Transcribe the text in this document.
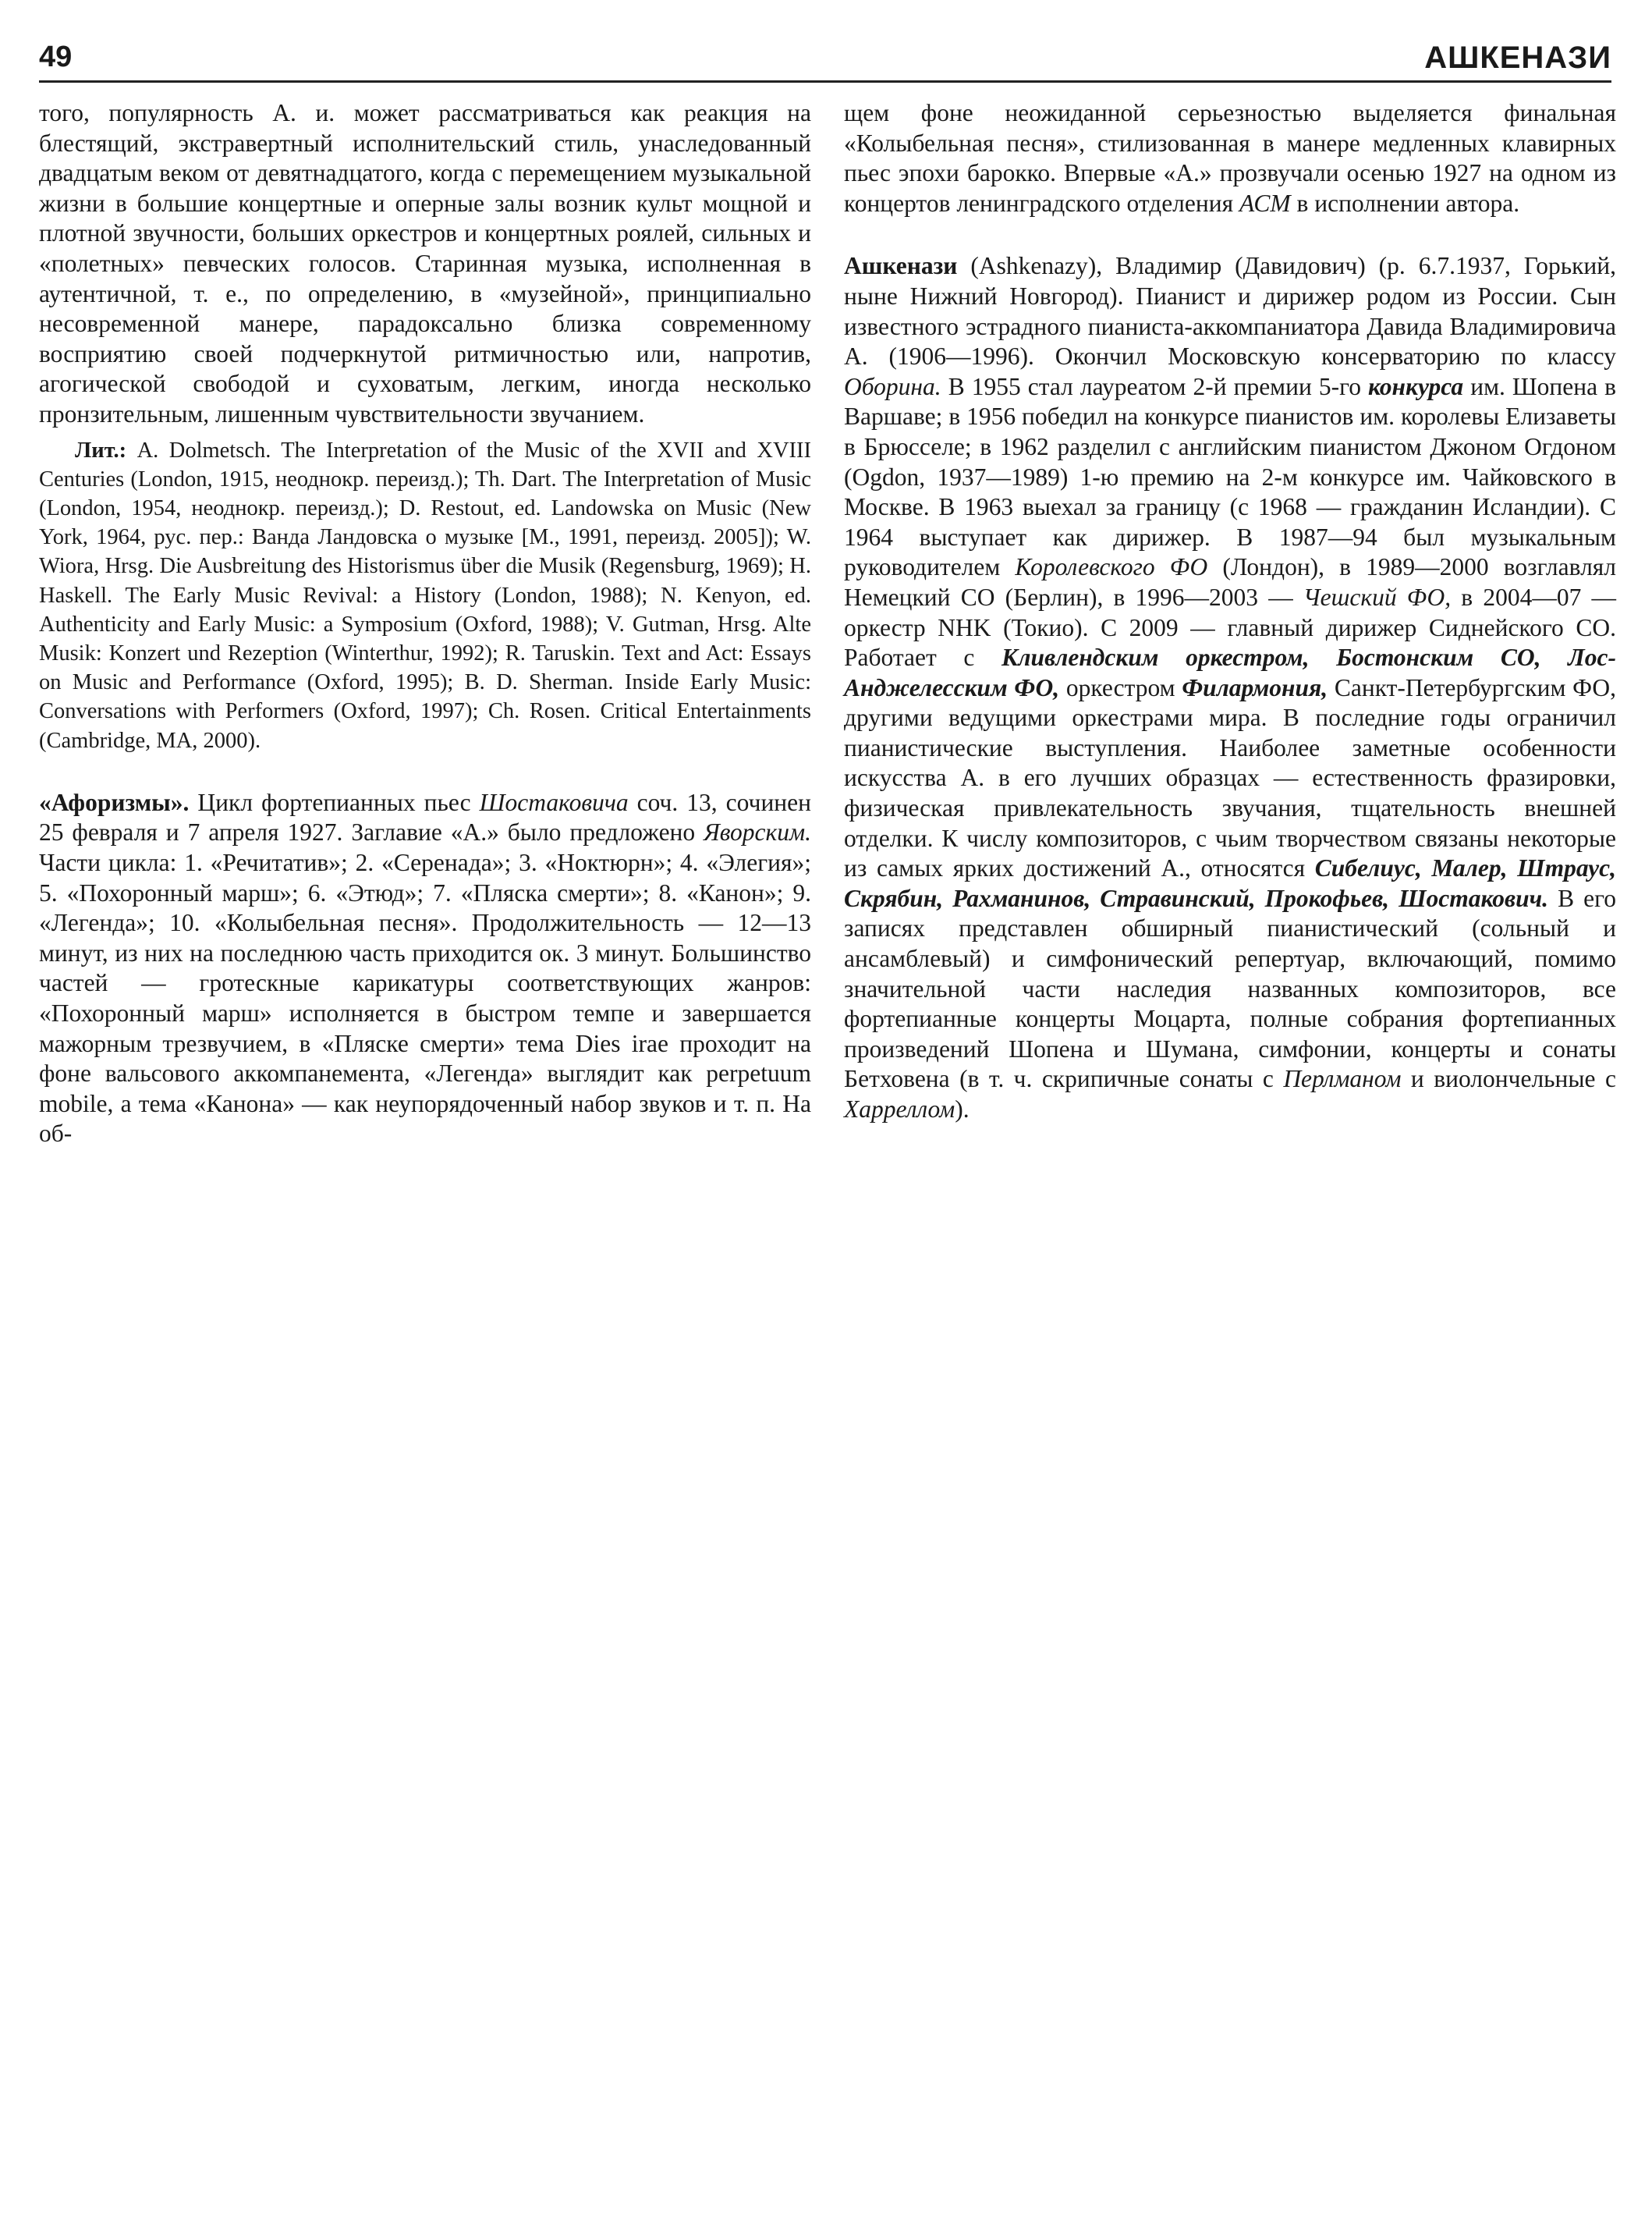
49	АШКЕНАЗИ

того, популярность А. и. может рассматриваться как реакция на блестящий, экстравертный исполнительский стиль, унаследованный двадцатым веком от девятнадцатого, когда с перемещением музыкальной жизни в большие концертные и оперные залы возник культ мощной и плотной звучности, больших оркестров и концертных роялей, сильных и «полетных» певческих голосов. Старинная музыка, исполненная в аутентичной, т. е., по определению, в «музейной», принципиально несовременной манере, парадоксально близка современному восприятию своей подчеркнутой ритмичностью или, напротив, агогической свободой и суховатым, легким, иногда несколько пронзительным, лишенным чувствительности звучанием.

Лит.: A. Dolmetsch. The Interpretation of the Music of the XVII and XVIII Centuries (London, 1915, неоднокр. переизд.); Th. Dart. The Interpretation of Music (London, 1954, неоднокр. переизд.); D. Restout, ed. Landowska on Music (New York, 1964, рус. пер.: Ванда Ландовска о музыке [М., 1991, переизд. 2005]); W. Wiora, Hrsg. Die Ausbreitung des Historismus über die Musik (Regensburg, 1969); H. Haskell. The Early Music Revival: a History (London, 1988); N. Kenyon, ed. Authenticity and Early Music: a Symposium (Oxford, 1988); V. Gutman, Hrsg. Alte Musik: Konzert und Rezeption (Winterthur, 1992); R. Taruskin. Text and Act: Essays on Music and Performance (Oxford, 1995); B. D. Sherman. Inside Early Music: Conversations with Performers (Oxford, 1997); Ch. Rosen. Critical Entertainments (Cambridge, MA, 2000).

«Афоризмы». Цикл фортепианных пьес Шостаковича соч. 13, сочинен 25 февраля и 7 апреля 1927. Заглавие «А.» было предложено Яворским. Части цикла: 1. «Речитатив»; 2. «Серенада»; 3. «Ноктюрн»; 4. «Элегия»; 5. «Похоронный марш»; 6. «Этюд»; 7. «Пляска смерти»; 8. «Канон»; 9. «Легенда»; 10. «Колыбельная песня». Продолжительность — 12—13 минут, из них на последнюю часть приходится ок. 3 минут. Большинство частей — гротескные карикатуры соответствующих жанров: «Похоронный марш» исполняется в быстром темпе и завершается мажорным трезвучием, в «Пляске смерти» тема Dies irae проходит на фоне вальсового аккомпанемента, «Легенда» выглядит как perpetuum mobile, а тема «Канона» — как неупорядоченный набор звуков и т. п. На об-

щем фоне неожиданной серьезностью выделяется финальная «Колыбельная песня», стилизованная в манере медленных клавирных пьес эпохи барокко. Впервые «А.» прозвучали осенью 1927 на одном из концертов ленинградского отделения АСМ в исполнении автора.

Ашкенази (Ashkenazy), Владимир (Давидович) (р. 6.7.1937, Горький, ныне Нижний Новгород). Пианист и дирижер родом из России. Сын известного эстрадного пианиста-аккомпаниатора Давида Владимировича А. (1906—1996). Окончил Московскую консерваторию по классу Оборина. В 1955 стал лауреатом 2-й премии 5-го конкурса им. Шопена в Варшаве; в 1956 победил на конкурсе пианистов им. королевы Елизаветы в Брюсселе; в 1962 разделил с английским пианистом Джоном Огдоном (Ogdon, 1937—1989) 1-ю премию на 2-м конкурсе им. Чайковского в Москве. В 1963 выехал за границу (с 1968 — гражданин Исландии). С 1964 выступает как дирижер. В 1987—94 был музыкальным руководителем Королевского ФО (Лондон), в 1989—2000 возглавлял Немецкий СО (Берлин), в 1996—2003 — Чешский ФО, в 2004—07 — оркестр NHK (Токио). С 2009 — главный дирижер Сиднейского СО. Работает с Кливлендским оркестром, Бостонским СО, Лос-Анджелесским ФО, оркестром Филармония, Санкт-Петербургским ФО, другими ведущими оркестрами мира. В последние годы ограничил пианистические выступления. Наиболее заметные особенности искусства А. в его лучших образцах — естественность фразировки, физическая привлекательность звучания, тщательность внешней отделки. К числу композиторов, с чьим творчеством связаны некоторые из самых ярких достижений А., относятся Сибелиус, Малер, Штраус, Скрябин, Рахманинов, Стравинский, Прокофьев, Шостакович. В его записях представлен обширный пианистический (сольный и ансамблевый) и симфонический репертуар, включающий, помимо значительной части наследия названных композиторов, все фортепианные концерты Моцарта, полные собрания фортепианных произведений Шопена и Шумана, симфонии, концерты и сонаты Бетховена (в т. ч. скрипичные сонаты с Перлманом и виолончельные с Харреллом).
